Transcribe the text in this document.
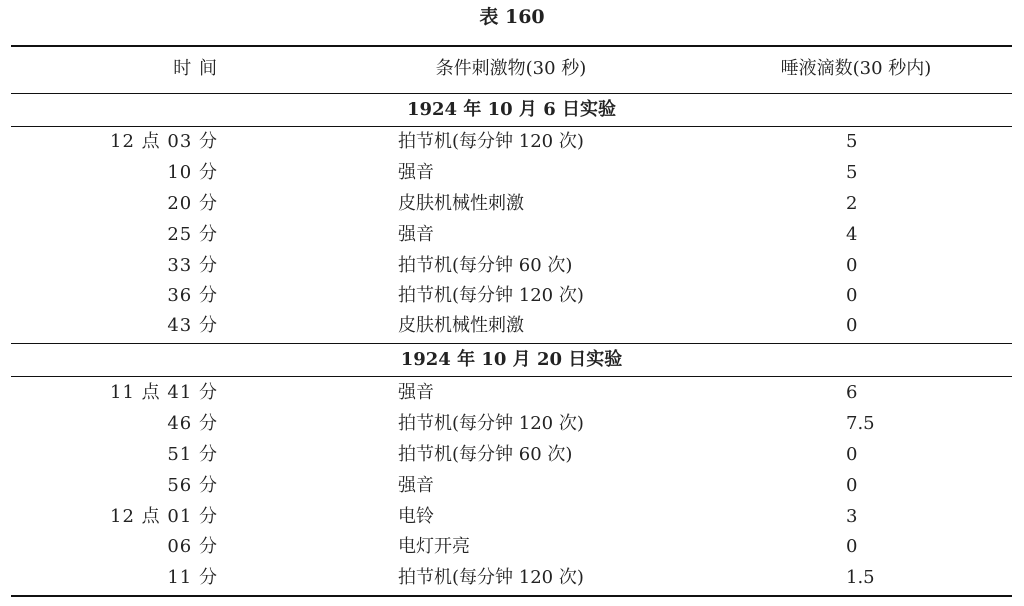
表 160
时 间	条件刺激物(30 秒)	唾液滴数(30 秒内)
1924 年 10 月 6 日实验
12 点 03 分	拍节机(每分钟 120 次)	5
10 分	强音	5
20 分	皮肤机械性刺激	2
25 分	强音	4
33 分	拍节机(每分钟 60 次)	0
36 分	拍节机(每分钟 120 次)	0
43 分	皮肤机械性刺激	0
1924 年 10 月 20 日实验
11 点 41 分	强音	6
46 分	拍节机(每分钟 120 次)	7.5
51 分	拍节机(每分钟 60 次)	0
56 分	强音	0
12 点 01 分	电铃	3
06 分	电灯开亮	0
11 分	拍节机(每分钟 120 次)	1.5
